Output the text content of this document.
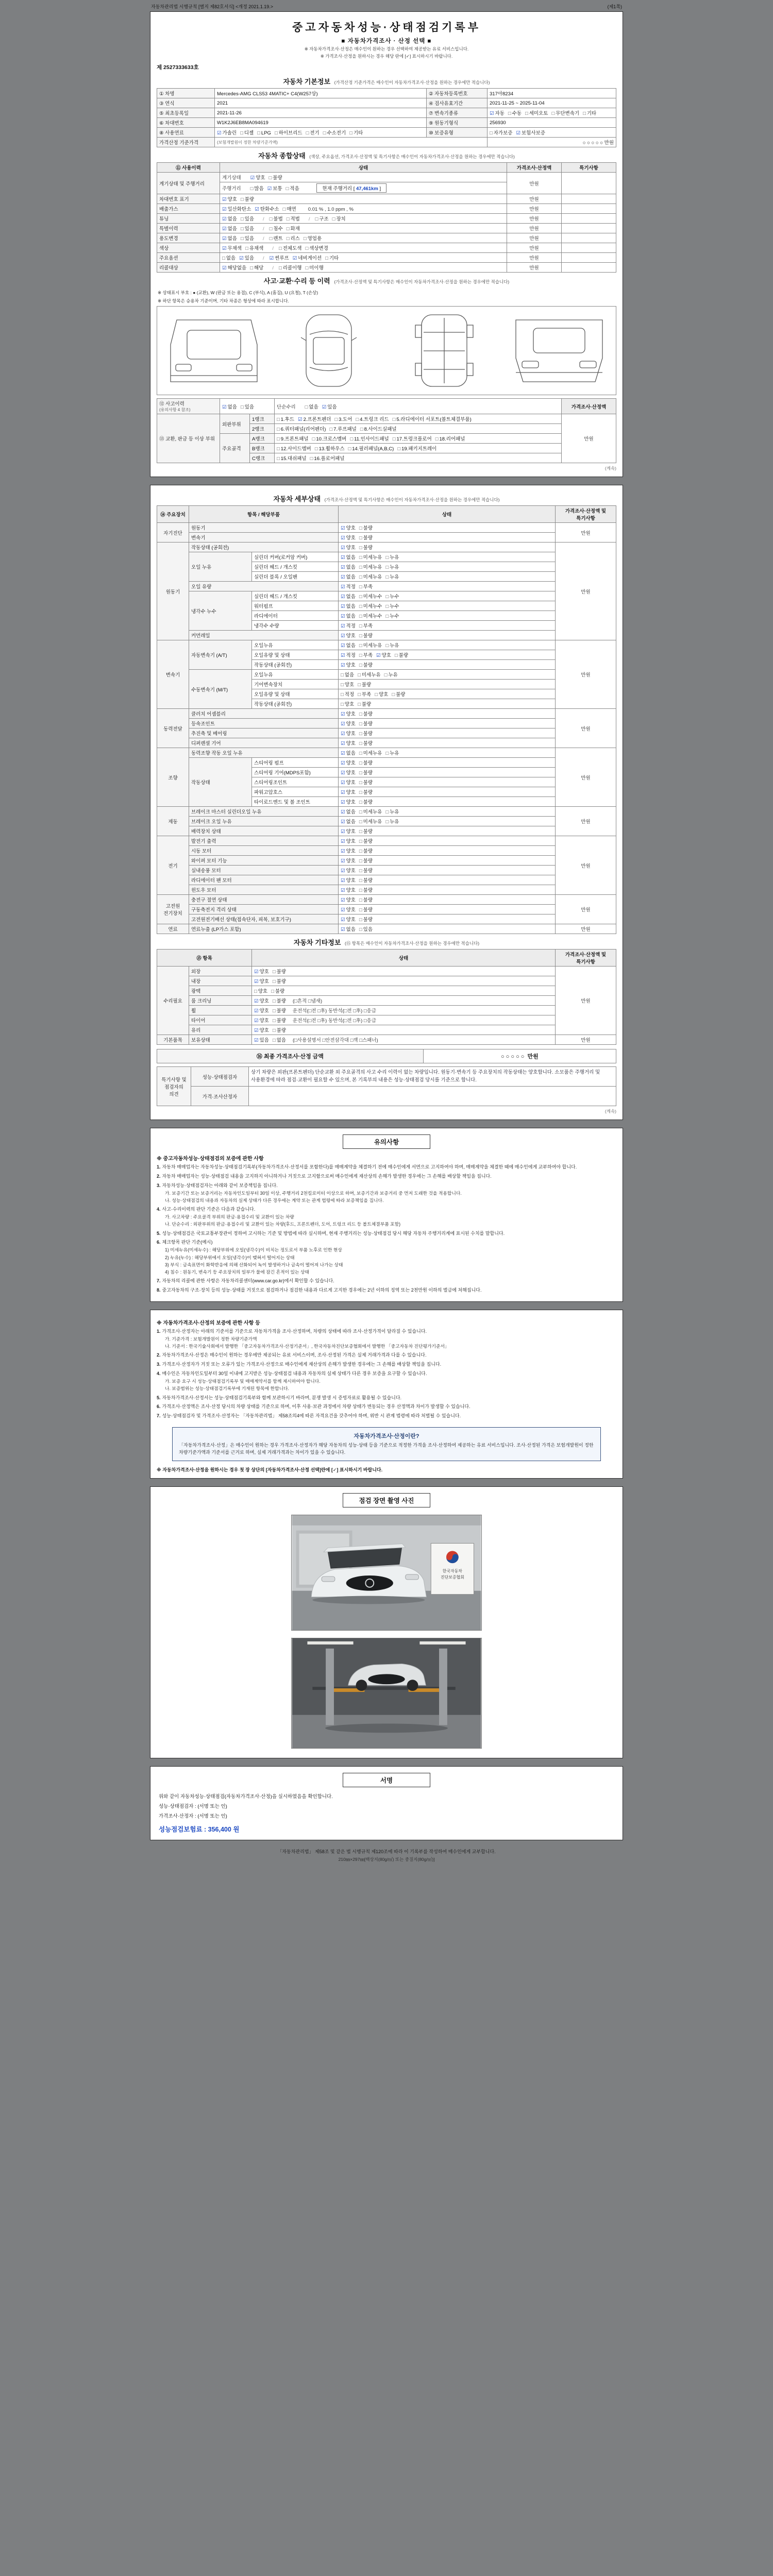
자동차관리법 시행규칙 [별지 제82호서식] <개정 2021.1.19.>	(제1쪽)
중고자동차성능·상태점검기록부
■ 자동차가격조사 · 산정 선택 ■
※ 자동차가격조사·산정은 매수인이 원하는 경우 선택하여 제공받는 유료 서비스입니다.
※ 가격조사·산정을 원하시는 경우 해당 란에 [✓] 표시하시기 바랍니다.
제 2527333633호
자동차 기본정보 (가격산정 기준가격은 매수인이 자동차가격조사·산정을 원하는 경우에만 적습니다)
① 차명	Mercedes-AMG CLS53 4MATIC+ C4(W257상)	② 자동차등록번호	317아8234
③ 연식	2021	④ 검사유효기간	2021-11-25 ~ 2025-11-04
⑤ 최초등록일	2021-11-26	⑦ 변속기종류	☑ 자동 □ 수동 □ 세미오토 □ 무단변속기 □ 기타
⑥ 차대번호	W1K2J6EB8MA094619	⑨ 원동기형식	256930
⑧ 사용연료	☑ 가솔린 □ 디젤 □ LPG □ 하이브리드 □ 전기 □ 수소전기 □ 기타	⑩ 보증유형	□ 자가보증 ☑ 보험사보증
가격산정 기준가격	(보험개발원이 정한 차량기준가액)		○ ○ ○ ○ ○ 만원
자동차 종합상태 (색상, 주요옵션, 가격조사·산정액 및 특기사항은 매수인이 자동차가격조사·산정을 원하는 경우에만 적습니다)
⑪ 사용이력	상태	가격조사·산정액	특기사항
계기상태 및 주행거리	계기상태 ☑ 양호 □ 불량	만원	
	주행거리 □ 많음 ☑ 보통 □ 적음 현재 주행거리 [ 47,461km ]		
차대번호 표기	☑ 양호 □ 불량	만원	
배출가스	☑ 일산화탄소 ☑ 탄화수소 □ 매연 0.01 % , 1.0 ppm , %	만원	
튜닝	☑ 없음 □ 있음 / □ 불법 □ 적법 / □ 구조 □ 장치	만원	
특별이력	☑ 없음 □ 있음 / □ 침수 □ 화재	만원	
용도변경	☑ 없음 □ 있음 / □ 렌트 □ 리스 □ 영업용	만원	
색상	☑ 무채색 □ 유채색 / □ 전체도색 □ 색상변경	만원	
주요옵션	□ 없음 ☑ 있음 / ☑ 썬루프 ☑ 네비게이션 □ 기타	만원	
리콜대상	☑ 해당없음 □ 해당 / □ 리콜이행 □ 미이행	만원	
사고·교환·수리 등 이력 (가격조사·산정액 및 특기사항은 매수인이 자동차가격조사·산정을 원하는 경우에만 적습니다)
※ 상태표시 부호 : ● (교환), W (판금 또는 용접), C (부식), A (흠집), U (요철), T (손상)
※ 하단 항목은 승용차 기준이며, 기타 차종은 형상에 따라 표시합니다.
⑫ 사고이력
(유의사항 4 참조)	☑ 없음 □ 있음		단순수리 □ 없음 ☑ 있음	가격조사·산정액
⑬ 교환, 판금 등 이상 부위	외판부위	1랭크	□ 1.후드 ☑ 2.프론트펜더 □ 3.도어 □ 4.트렁크 리드 □ 5.라디에이터 서포트(볼트체결부품)	만원
		2랭크	□ 6.쿼터패널(리어펜더) □ 7.루프패널 □ 8.사이드실패널	
	주요골격	A랭크	□ 9.프론트패널 □ 10.크로스멤버 □ 11.인사이드패널 □ 17.트렁크플로어 □ 18.리어패널	
		B랭크	□ 12.사이드멤버 □ 13.휠하우스 □ 14.필러패널(A,B,C) □ 19.패키지트레이	
		C랭크	□ 15.대쉬패널 □ 16.플로어패널	
(계속)
자동차 세부상태 (가격조사·산정액 및 특기사항은 매수인이 자동차가격조사·산정을 원하는 경우에만 적습니다)
⑭ 주요장치	항목 / 해당부품		상태	가격조사·산정액 및 특기사항
자기진단	원동기		☑ 양호 □ 불량	만원
	변속기		☑ 양호 □ 불량	
원동기	작동상태 (공회전)		☑ 양호 □ 불량	만원
	오일 누유	실린더 커버(로커암 커버)	☑ 없음 □ 미세누유 □ 누유	
		실린더 헤드 / 개스킷	☑ 없음 □ 미세누유 □ 누유	
		실린더 블록 / 오일팬	☑ 없음 □ 미세누유 □ 누유	
	오일 유량		☑ 적정 □ 부족	
	냉각수 누수	실린더 헤드 / 개스킷	☑ 없음 □ 미세누수 □ 누수	
		워터펌프	☑ 없음 □ 미세누수 □ 누수	
		라디에이터	☑ 없음 □ 미세누수 □ 누수	
		냉각수 수량	☑ 적정 □ 부족	
	커먼레일		☑ 양호 □ 불량	
변속기	자동변속기 (A/T)	오일누유	☑ 없음 □ 미세누유 □ 누유	만원
		오일유량 및 상태	☑ 적정 □ 부족 ☑ 양호 □ 불량	
		작동상태 (공회전)	☑ 양호 □ 불량	
	수동변속기 (M/T)	오일누유	□ 없음 □ 미세누유 □ 누유	
		기어변속장치	□ 양호 □ 불량	
		오일유량 및 상태	□ 적정 □ 부족 □ 양호 □ 불량	
		작동상태 (공회전)	□ 양호 □ 불량	
동력전달	클러치 어셈블리		☑ 양호 □ 불량	만원
	등속조인트		☑ 양호 □ 불량	
	추진축 및 베어링		☑ 양호 □ 불량	
	디퍼렌셜 기어		☑ 양호 □ 불량	
조향	동력조향 작동 오일 누유		☑ 없음 □ 미세누유 □ 누유	만원
	작동상태	스티어링 펌프	☑ 양호 □ 불량	
		스티어링 기어(MDPS포함)	☑ 양호 □ 불량	
		스티어링조인트	☑ 양호 □ 불량	
		파워고압호스	☑ 양호 □ 불량	
		타이로드엔드 및 볼 조인트	☑ 양호 □ 불량	
제동	브레이크 마스터 실린더오일 누유		☑ 없음 □ 미세누유 □ 누유	만원
	브레이크 오일 누유		☑ 없음 □ 미세누유 □ 누유	
	배력장치 상태		☑ 양호 □ 불량	
전기	발전기 출력		☑ 양호 □ 불량	만원
	시동 모터		☑ 양호 □ 불량	
	와이퍼 모터 기능		☑ 양호 □ 불량	
	실내송풍 모터		☑ 양호 □ 불량	
	라디에이터 팬 모터		☑ 양호 □ 불량	
	윈도우 모터		☑ 양호 □ 불량	
고전원 전기장치	충전구 절연 상태		☑ 양호 □ 불량	만원
	구동축전지 격리 상태		☑ 양호 □ 불량	
	고전원전기배선 상태(접속단자, 피복, 보호기구)		☑ 양호 □ 불량	
연료	연료누출 (LP가스 포함)		☑ 없음 □ 있음	만원
자동차 기타정보 (⑮ 항목은 매수인이 자동차가격조사·산정을 원하는 경우에만 적습니다)
⑮ 항목		상태	가격조사·산정액 및 특기사항
수리필요	외장	☑ 양호 □ 불량	만원
	내장	☑ 양호 □ 불량	
	광택	□ 양호 □ 불량	
	룸 크리닝	☑ 양호 □ 불량 (□흔적 □냄새)	
	휠	☑ 양호 □ 불량 운전석(□전 □후) 동반석(□전 □후) □응급	
	타이어	☑ 양호 □ 불량 운전석(□전 □후) 동반석(□전 □후) □응급	
	유리	☑ 양호 □ 불량	
기본품목	보유상태	☑ 있음 □ 없음 (□사용설명서 □안전삼각대 □잭 □스패너)	만원
⑯ 최종 가격조사·산정 금액	○ ○ ○ ○ ○  만원
특기사항 및 점검자의 의견	성능·상태점검자	상기 차량은 외판(프론트펜더) 단순교환 외 주요골격의 사고 수리 이력이 없는 차량입니다. 원동기·변속기 등 주요장치의 작동상태는 양호합니다. 소모품은 주행거리 및 사용환경에 따라 점검·교환이 필요할 수 있으며, 본 기록부의 내용은 성능·상태점검 당시를 기준으로 합니다.
	가격·조사산정자	
(계속)
유의사항
※ 중고자동차성능·상태점검의 보증에 관한 사항
1. 자동차 매매업자는 자동차성능·상태점검기록부(자동차가격조사·산정서를 포함한다)를 매매계약을 체결하기 전에 매수인에게 서면으로 고지하여야 하며, 매매계약을 체결한 때에 매수인에게 교부하여야 합니다.
2. 자동차 매매업자는 성능·상태점검 내용을 고지하지 아니하거나 거짓으로 고지함으로써 매수인에게 재산상의 손해가 발생한 경우에는 그 손해를 배상할 책임을 집니다.
3. 자동차성능·상태점검자는 아래와 같이 보증책임을 집니다.
가. 보증기간 또는 보증거리는 자동차인도일부터 30일 이상, 주행거리 2천킬로미터 이상으로 하며, 보증기간과 보증거리 중 먼저 도래한 것을 적용합니다.
나. 성능·상태점검의 내용과 자동차의 실제 상태가 다른 경우에는 계약 또는 관계 법령에 따라 보증책임을 집니다.
4. 사고·수리이력의 판단 기준은 다음과 같습니다.
가. 사고차량 : 주요골격 부위의 판금·용접수리 및 교환이 있는 차량
나. 단순수리 : 외판부위의 판금·용접수리 및 교환이 있는 차량(후드, 프론트펜더, 도어, 트렁크 리드 등 볼트체결부품 포함)
5. 성능·상태점검은 국토교통부장관이 정하여 고시하는 기준 및 방법에 따라 실시하며, 현재 주행거리는 성능·상태점검 당시 해당 자동차 주행거리계에 표시된 수치를 말합니다.
6. 체크항목 판단 기준(예시)
1) 미세누유(미세누수) : 해당부위에 오일(냉각수)이 비치는 정도로서 부품 노후로 인한 현상
2) 누유(누수) : 해당부위에서 오일(냉각수)이 맺혀서 떨어지는 상태
3) 부식 : 금속표면이 화학반응에 의해 산화되어 녹이 발생하거나 금속이 떨어져 나가는 상태
4) 침수 : 원동기, 변속기 등 주요장치의 일부가 물에 잠긴 흔적이 있는 상태
7. 자동차의 리콜에 관한 사항은 자동차리콜센터(www.car.go.kr)에서 확인할 수 있습니다.
8. 중고자동차의 구조·장치 등의 성능·상태를 거짓으로 점검하거나 점검한 내용과 다르게 고지한 경우에는 2년 이하의 징역 또는 2천만원 이하의 벌금에 처해집니다.
※ 자동차가격조사·산정의 보증에 관한 사항 등
1. 가격조사·산정자는 아래의 기준서를 기준으로 자동차가격을 조사·산정하며, 차량의 상태에 따라 조사·산정가격이 달라질 수 있습니다.
가. 기준가격 : 보험개발원이 정한 차량기준가액
나. 기준서 : 한국기술사회에서 발행한 「중고자동차가격조사·산정기준서」, 한국자동차진단보증협회에서 발행한 「중고자동차 진단평가기준서」
2. 자동차가격조사·산정은 매수인이 원하는 경우에만 제공되는 유료 서비스이며, 조사·산정된 가격은 실제 거래가격과 다를 수 있습니다.
3. 가격조사·산정자가 거짓 또는 오류가 있는 가격조사·산정으로 매수인에게 재산상의 손해가 발생한 경우에는 그 손해를 배상할 책임을 집니다.
4. 매수인은 자동차인도일부터 30일 이내에 고지받은 성능·상태점검 내용과 자동차의 실제 상태가 다른 경우 보증을 요구할 수 있습니다.
가. 보증 요구 시 성능·상태점검기록부 및 매매계약서를 함께 제시하여야 합니다.
나. 보증범위는 성능·상태점검기록부에 기재된 항목에 한합니다.
5. 자동차가격조사·산정서는 성능·상태점검기록부와 함께 보관하시기 바라며, 분쟁 발생 시 증빙자료로 활용될 수 있습니다.
6. 가격조사·산정액은 조사·산정 당시의 차량 상태를 기준으로 하며, 이후 사용·보관 과정에서 차량 상태가 변동되는 경우 산정액과 차이가 발생할 수 있습니다.
7. 성능·상태점검자 및 가격조사·산정자는 「자동차관리법」 제58조의4에 따른 자격요건을 갖추어야 하며, 위반 시 관계 법령에 따라 처벌될 수 있습니다.
자동차가격조사·산정이란?
「자동차가격조사·산정」은 매수인이 원하는 경우 가격조사·산정자가 해당 자동차의 성능·상태 등을 기준으로 적정한 가격을 조사·산정하여 제공하는 유료 서비스입니다. 조사·산정된 가격은 보험개발원이 정한 차량기준가액과 기준서를 근거로 하며, 실제 거래가격과는 차이가 있을 수 있습니다.
※ 자동차가격조사·산정을 원하시는 경우 첫 장 상단의 [자동차가격조사·산정 선택]란에 [✓] 표시하시기 바랍니다.
점검 장면 촬영 사진
한국자동차
진단보증협회
서명
위와 같이 자동차성능·상태점검(자동차가격조사·산정)을 실시하였음을 확인합니다.
성능·상태점검자 : (서명 또는 인)
가격조사·산정자 : (서명 또는 인)
성능점검보험료 : 356,400 원
「자동차관리법」 제58조 및 같은 법 시행규칙 제120조에 따라 이 기록부를 작성하여 매수인에게 교부합니다.
210㎜×297㎜[백상지(80g/㎡) 또는 중질지(80g/㎡)]
